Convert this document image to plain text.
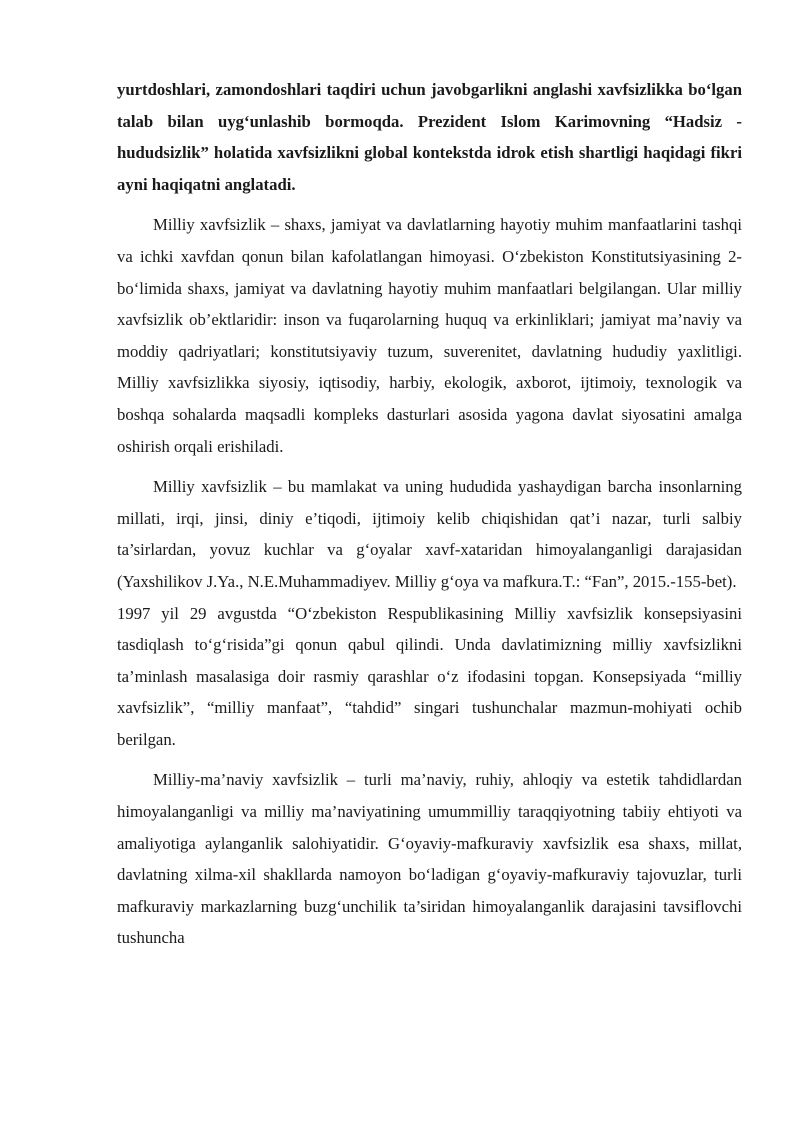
yurtdoshlari, zamondoshlari taqdiri uchun javobgarlikni anglashi xavfsizlikka bo‘lgan talab bilan uyg‘unlashib bormoqda. Prezident Islom Karimovning “Hadsiz - hududsizlik” holatida xavfsizlikni global kontekstda idrok etish shartligi haqidagi fikri ayni haqiqatni anglatadi.

Milliy xavfsizlik – shaxs, jamiyat va davlatlarning hayotiy muhim manfaatlarini tashqi va ichki xavfdan qonun bilan kafolatlangan himoyasi. O‘zbekiston Konstitutsiyasining 2-bo‘limida shaxs, jamiyat va davlatning hayotiy muhim manfaatlari belgilangan. Ular milliy xavfsizlik ob’ektlaridir: inson va fuqarolarning huquq va erkinliklari; jamiyat ma’naviy va moddiy qadriyatlari; konstitutsiyaviy tuzum, suverenitet, davlatning hududiy yaxlitligi. Milliy xavfsizlikka siyosiy, iqtisodiy, harbiy, ekologik, axborot, ijtimoiy, texnologik va boshqa sohalarda maqsadli kompleks dasturlari asosida yagona davlat siyosatini amalga oshirish orqali erishiladi.

Milliy xavfsizlik – bu mamlakat va uning hududida yashaydigan barcha insonlarning millati, irqi, jinsi, diniy e’tiqodi, ijtimoiy kelib chiqishidan qat’i nazar, turli salbiy ta’sirlardan, yovuz kuchlar va g‘oyalar xavf-xataridan himoyalanganligi darajasidan (Yaxshilikov J.Ya., N.E.Muhammadiyev. Milliy g‘oya va mafkura.T.: “Fan”, 2015.-155-bet).
1997 yil 29 avgustda “O‘zbekiston Respublikasining Milliy xavfsizlik konsepsiyasini tasdiqlash to‘g‘risida”gi qonun qabul qilindi. Unda davlatimizning milliy xavfsizlikni ta’minlash masalasiga doir rasmiy qarashlar o‘z ifodasini topgan. Konsepsiyada “milliy xavfsizlik”, “milliy manfaat”, “tahdid” singari tushunchalar mazmun-mohiyati ochib berilgan.

Milliy-ma’naviy xavfsizlik – turli ma’naviy, ruhiy, ahloqiy va estetik tahdidlardan himoyalanganligi va milliy ma’naviyatining umummilliy taraqqiyotning tabiiy ehtiyoti va amaliyotiga aylanganlik salohiyatidir. G‘oyaviy-mafkuraviy xavfsizlik esa shaxs, millat, davlatning xilma-xil shakllarda namoyon bo‘ladigan g‘oyaviy-mafkuraviy tajovuzlar, turli mafkuraviy markazlarning buzg‘unchilik ta’siridan himoyalanganlik darajasini tavsiflovchi tushuncha
